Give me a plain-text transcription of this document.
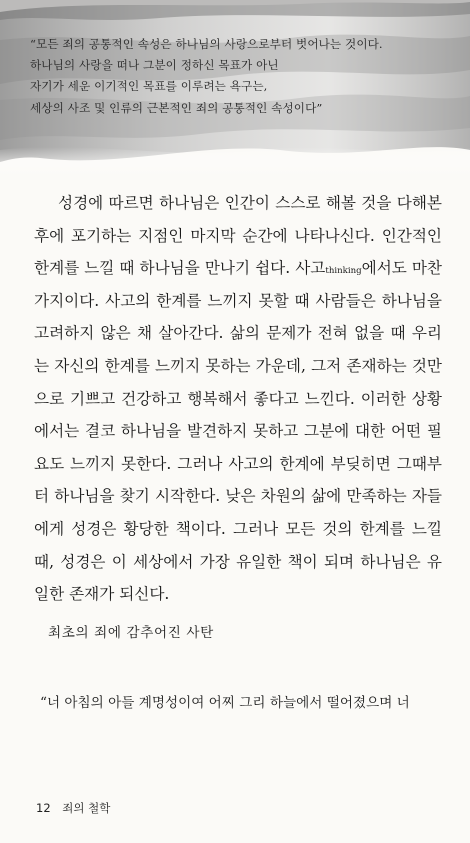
“모든 죄의 공통적인 속성은 하나님의 사랑으로부터 벗어나는 것이다.
하나님의 사랑을 떠나 그분이 정하신 목표가 아닌
자기가 세운 이기적인 목표를 이루려는 욕구는,
세상의 사조 및 인류의 근본적인 죄의 공통적인 속성이다”
성경에 따르면 하나님은 인간이 스스로 해볼 것을 다해본
후에 포기하는 지점인 마지막 순간에 나타나신다. 인간적인
한계를 느낄 때 하나님을 만나기 쉽다. 사고thinking에서도 마찬
가지이다. 사고의 한계를 느끼지 못할 때 사람들은 하나님을
고려하지 않은 채 살아간다. 삶의 문제가 전혀 없을 때 우리
는 자신의 한계를 느끼지 못하는 가운데, 그저 존재하는 것만
으로 기쁘고 건강하고 행복해서 좋다고 느낀다. 이러한 상황
에서는 결코 하나님을 발견하지 못하고 그분에 대한 어떤 필
요도 느끼지 못한다. 그러나 사고의 한계에 부딪히면 그때부
터 하나님을 찾기 시작한다. 낮은 차원의 삶에 만족하는 자들
에게 성경은 황당한 책이다. 그러나 모든 것의 한계를 느낄
때, 성경은 이 세상에서 가장 유일한 책이 되며 하나님은 유
일한 존재가 되신다.
최초의 죄에 감추어진 사탄

“너 아침의 아들 계명성이여 어찌 그리 하늘에서 떨어졌으며 너

12 죄의 철학
